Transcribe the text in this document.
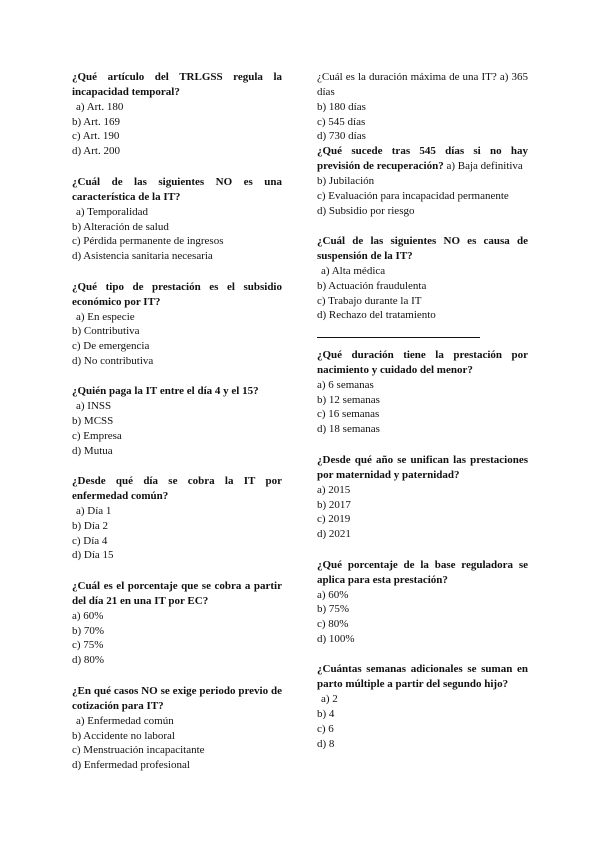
¿Qué artículo del TRLGSS regula la incapacidad temporal?

a) Art. 180

b) Art. 169

c) Art. 190

d) Art. 200

¿Cuál de las siguientes NO es una característica de la IT?

a) Temporalidad

b) Alteración de salud

c) Pérdida permanente de ingresos

d) Asistencia sanitaria necesaria

¿Qué tipo de prestación es el subsidio económico por IT?

a) En especie

b) Contributiva

c) De emergencia

d) No contributiva

¿Quién paga la IT entre el día 4 y el 15?

a) INSS

b) MCSS

c) Empresa

d) Mutua

¿Desde qué día se cobra la IT por enfermedad común?

a) Día 1

b) Día 2

c) Día 4

d) Día 15

¿Cuál es el porcentaje que se cobra a partir del día 21 en una IT por EC?

a) 60%

b) 70%

c) 75%

d) 80%

¿En qué casos NO se exige periodo previo de cotización para IT?

a) Enfermedad común

b) Accidente no laboral

c) Menstruación incapacitante

d) Enfermedad profesional

¿Cuál es la duración máxima de una IT? a) 365 días

b) 180 días

c) 545 días

d) 730 días

¿Qué sucede tras 545 días si no hay previsión de recuperación? a) Baja definitiva

b) Jubilación

c) Evaluación para incapacidad permanente

d) Subsidio por riesgo

¿Cuál de las siguientes NO es causa de suspensión de la IT?

a) Alta médica

b) Actuación fraudulenta

c) Trabajo durante la IT

d) Rechazo del tratamiento

¿Qué duración tiene la prestación por nacimiento y cuidado del menor?

a) 6 semanas

b) 12 semanas

c) 16 semanas

d) 18 semanas

¿Desde qué año se unifican las prestaciones por maternidad y paternidad?

a) 2015

b) 2017

c) 2019

d) 2021

¿Qué porcentaje de la base reguladora se aplica para esta prestación?

a) 60%

b) 75%

c) 80%

d) 100%

¿Cuántas semanas adicionales se suman en parto múltiple a partir del segundo hijo?

a) 2

b) 4

c) 6

d) 8
